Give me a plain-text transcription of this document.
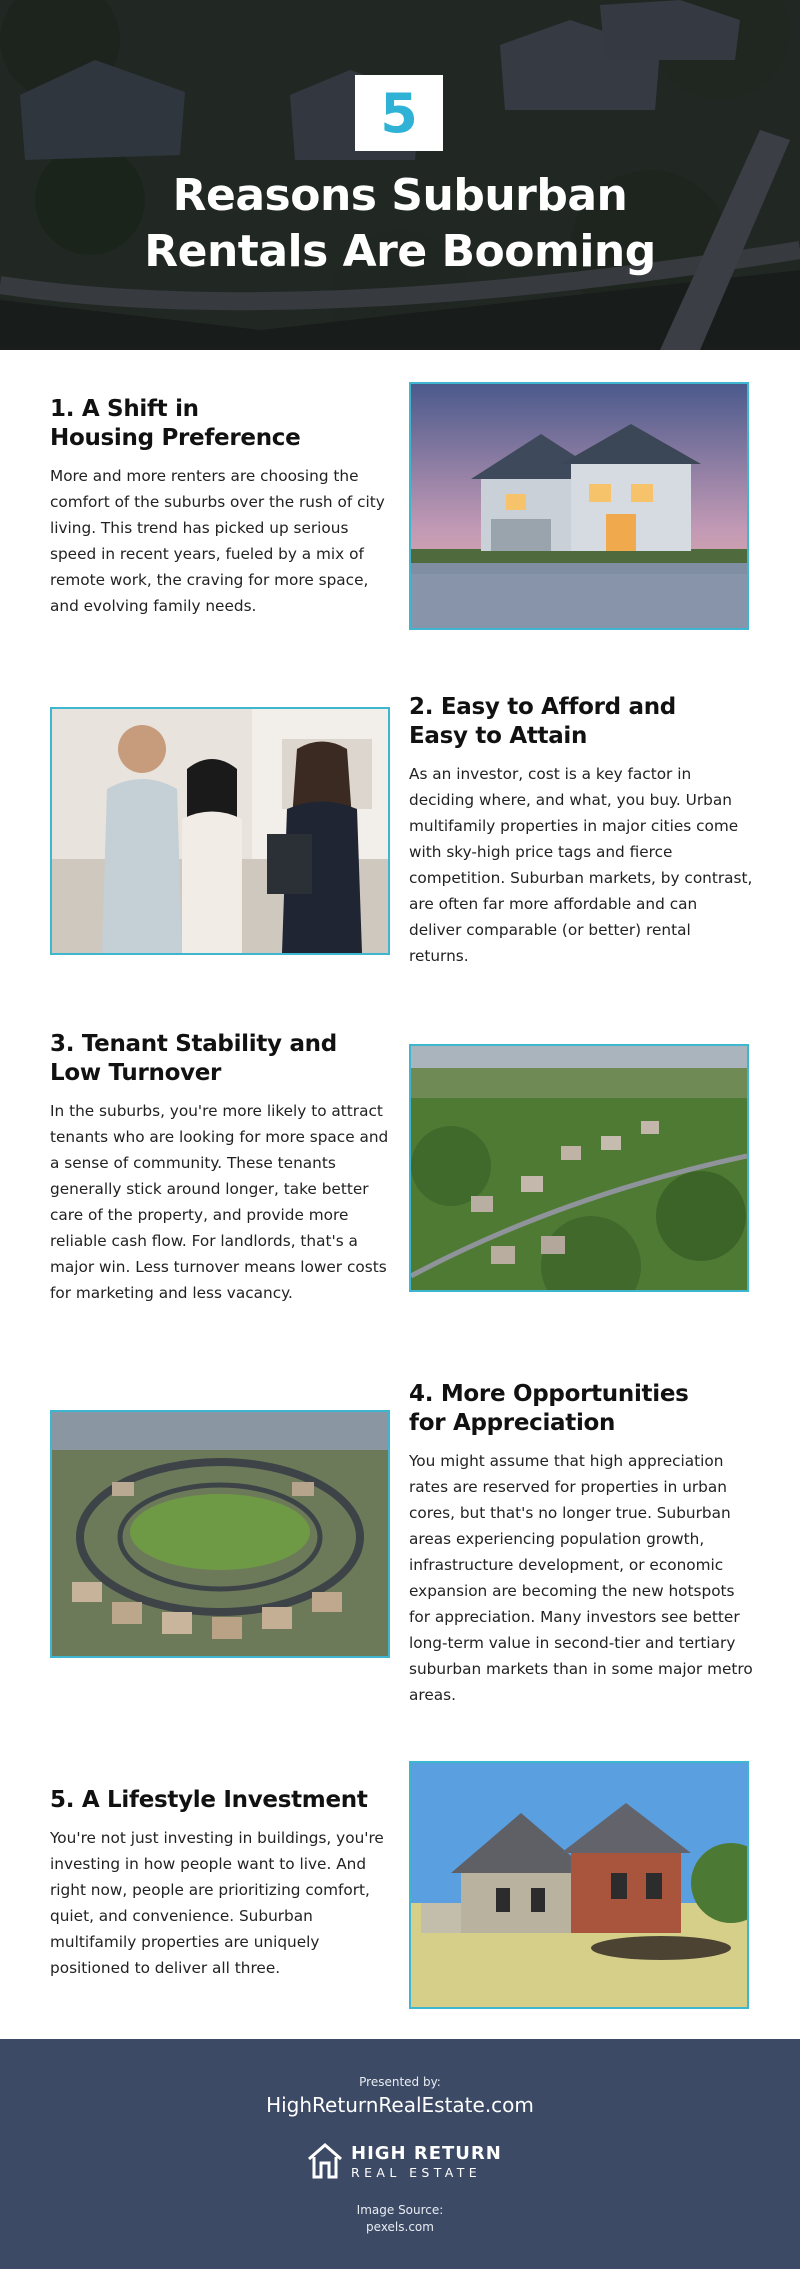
5
Reasons Suburban
Rentals Are Booming
1. A Shift in
Housing Preference
More and more renters are choosing the comfort of the suburbs over the rush of city living. This trend has picked up serious speed in recent years, fueled by a mix of remote work, the craving for more space, and evolving family needs.
2. Easy to Afford and
Easy to Attain
As an investor, cost is a key factor in deciding where, and what, you buy. Urban multifamily properties in major cities come with sky-high price tags and fierce competition. Suburban markets, by contrast, are often far more affordable and can deliver comparable (or better) rental returns.
3. Tenant Stability and
Low Turnover
In the suburbs, you're more likely to attract tenants who are looking for more space and a sense of community. These tenants generally stick around longer, take better care of the property, and provide more reliable cash flow. For landlords, that's a major win. Less turnover means lower costs for marketing and less vacancy.
4. More Opportunities
for Appreciation
You might assume that high appreciation rates are reserved for properties in urban cores, but that's no longer true. Suburban areas experiencing population growth, infrastructure development, or economic expansion are becoming the new hotspots for appreciation. Many investors see better long-term value in second-tier and tertiary suburban markets than in some major metro areas.
5. A Lifestyle Investment
You're not just investing in buildings, you're investing in how people want to live. And right now, people are prioritizing comfort, quiet, and convenience. Suburban multifamily properties are uniquely positioned to deliver all three.
Presented by:
HighReturnRealEstate.com
HIGH RETURN
REAL ESTATE
Image Source:
pexels.com
